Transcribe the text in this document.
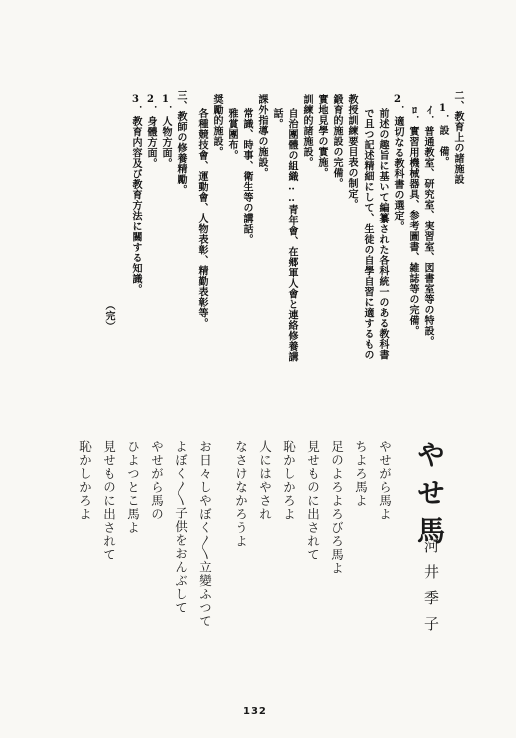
二、教育上の諸施設
1．設　備。
ｲ．普通教室、研究室、実習室、図書室等の特設。
ﾛ．實習用機械器具、参考圖書、雑誌等の完備。
2．適切なる教科書の選定。
前述の趣旨に基いて編纂された各科統一のある教科書
で且つ記述精細にして、生徒の自學自習に適するもの
教授訓練要目表の制定。
鍛育的施設の完備。
實地見學の實施。
訓練的諸施設。
自治團體の組織‥‥青年會、在郷軍人會と連絡修養講
話。
課外指導の施設。
常識、時事、衛生等の講話。
雅賞團布。
奨勵的施設。
各種競技會、運動會、人物表彰、精勤表彰等。
三、教師の修養精勵。
1．人物方面。
2．身體方面。
3．教育内容及び教育方法に關する知識。
（完）
やせ馬
河井季子
やせがら馬よ
ちよろ馬よ
足のよろよろびろ馬よ
見せものに出されて
恥かしかろよ
人にはやされ
なさけなかろうよ
お日々しやぼく〱立變ふつて
よぼく〱子供をおんぶして
やせがら馬の
ひよつとこ馬よ
見せものに出されて
恥かしかろよ
132
